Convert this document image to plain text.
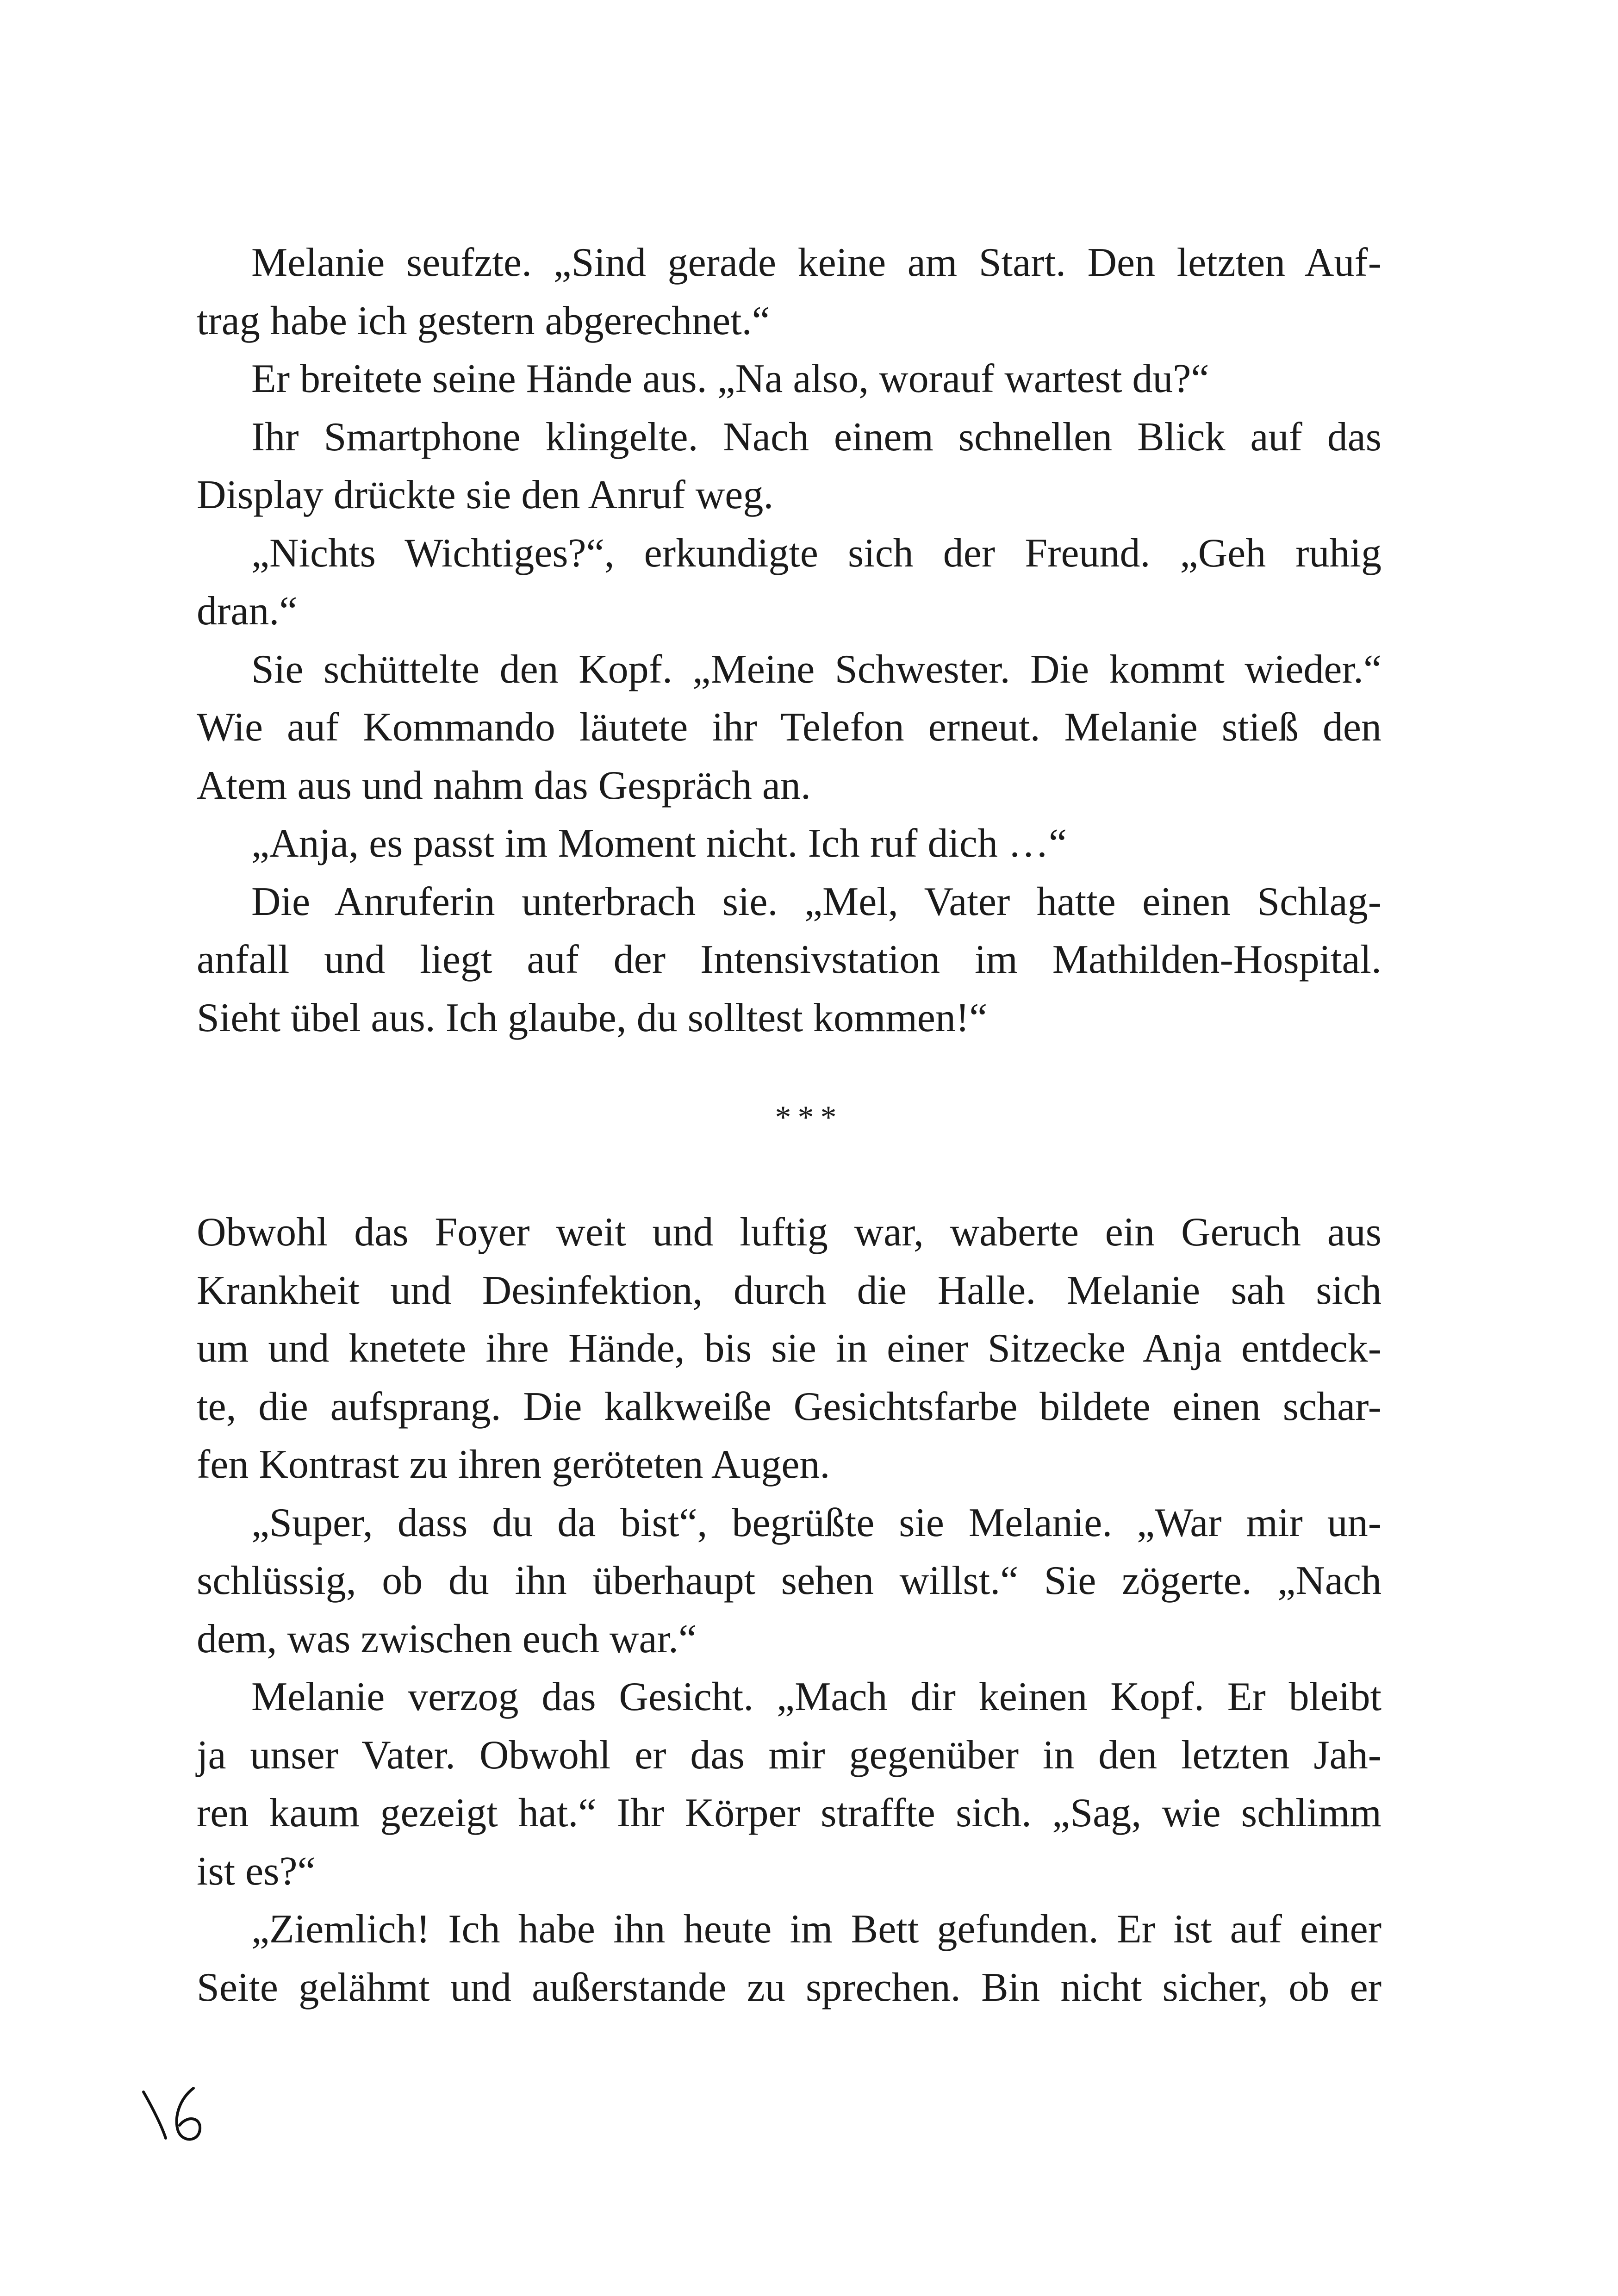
Melanie seufzte. „Sind gerade keine am Start. Den letzten Auf-
trag habe ich gestern abgerechnet.“
Er breitete seine Hände aus. „Na also, worauf wartest du?“
Ihr Smartphone klingelte. Nach einem schnellen Blick auf das
Display drückte sie den Anruf weg.
„Nichts Wichtiges?“, erkundigte sich der Freund. „Geh ruhig
dran.“
Sie schüttelte den Kopf. „Meine Schwester. Die kommt wieder.“
Wie auf Kommando läutete ihr Telefon erneut. Melanie stieß den
Atem aus und nahm das Gespräch an.
„Anja, es passt im Moment nicht. Ich ruf dich …“
Die Anruferin unterbrach sie. „Mel, Vater hatte einen Schlag-
anfall und liegt auf der Intensivstation im Mathilden-Hospital.
Sieht übel aus. Ich glaube, du solltest kommen!“
***
Obwohl das Foyer weit und luftig war, waberte ein Geruch aus
Krankheit und Desinfektion, durch die Halle. Melanie sah sich
um und knetete ihre Hände, bis sie in einer Sitzecke Anja entdeck-
te, die aufsprang. Die kalkweiße Gesichtsfarbe bildete einen schar-
fen Kontrast zu ihren geröteten Augen.
„Super, dass du da bist“, begrüßte sie Melanie. „War mir un-
schlüssig, ob du ihn überhaupt sehen willst.“ Sie zögerte. „Nach
dem, was zwischen euch war.“
Melanie verzog das Gesicht. „Mach dir keinen Kopf. Er bleibt
ja unser Vater. Obwohl er das mir gegenüber in den letzten Jah-
ren kaum gezeigt hat.“ Ihr Körper straffte sich. „Sag, wie schlimm
ist es?“
„Ziemlich! Ich habe ihn heute im Bett gefunden. Er ist auf einer
Seite gelähmt und außerstande zu sprechen. Bin nicht sicher, ob er
